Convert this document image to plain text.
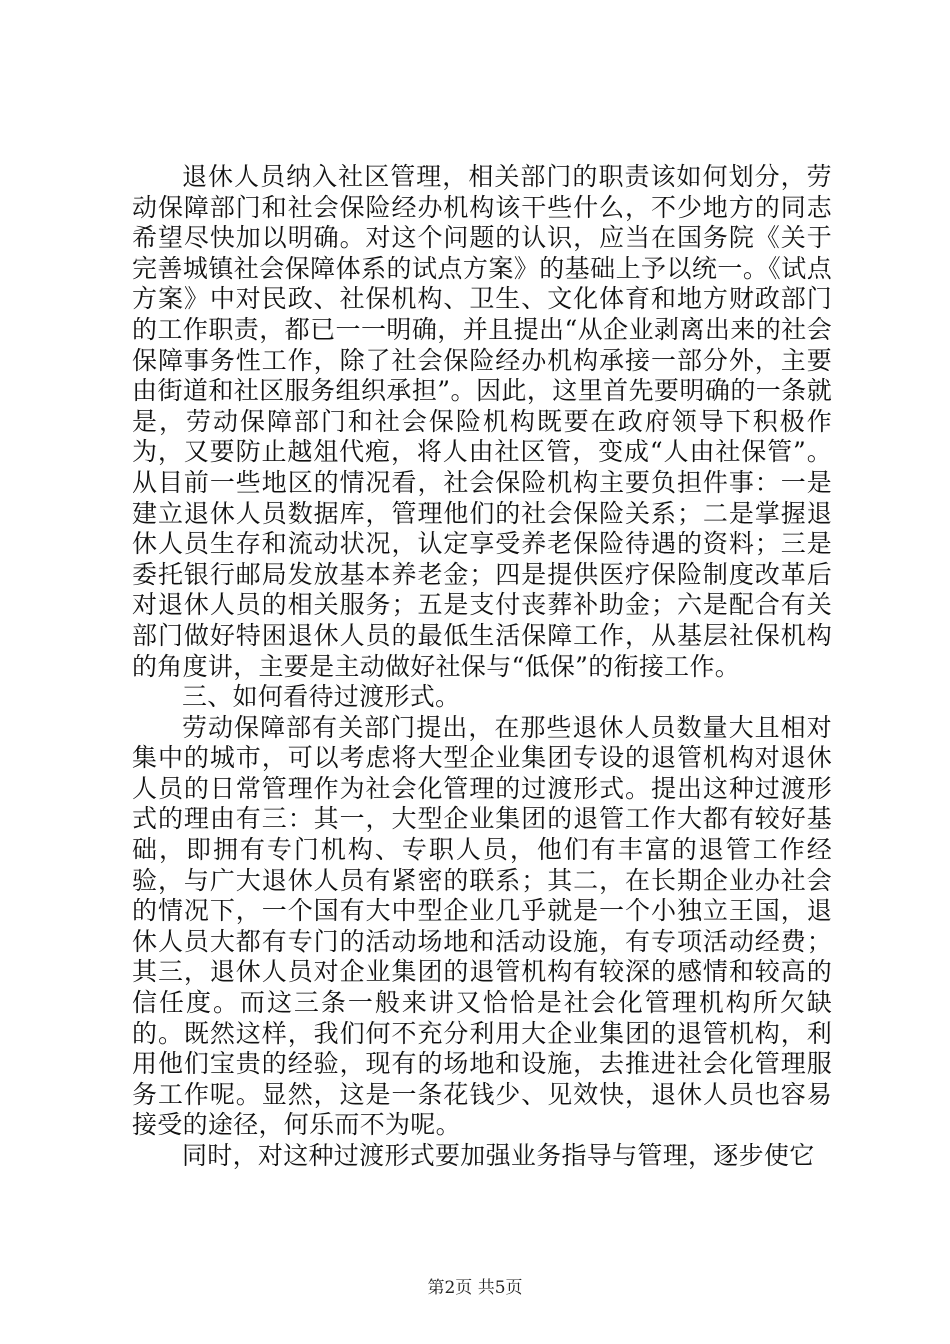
退休人员纳入社区管理，相关部门的职责该如何划分，劳动保障部门和社会保险经办机构该干些什么，不少地方的同志希望尽快加以明确。对这个问题的认识，应当在国务院《关于完善城镇社会保障体系的试点方案》的基础上予以统一。《试点方案》中对民政、社保机构、卫生、文化体育和地方财政部门的工作职责，都已一一明确，并且提出“从企业剥离出来的社会保障事务性工作，除了社会保险经办机构承接一部分外，主要由街道和社区服务组织承担”。因此，这里首先要明确的一条就是，劳动保障部门和社会保险机构既要在政府领导下积极作为，又要防止越俎代疱，将人由社区管，变成“人由社保管”。从目前一些地区的情况看，社会保险机构主要负担件事：一是建立退休人员数据库，管理他们的社会保险关系；二是掌握退休人员生存和流动状况，认定享受养老保险待遇的资料；三是委托银行邮局发放基本养老金；四是提供医疗保险制度改革后对退休人员的相关服务；五是支付丧葬补助金；六是配合有关部门做好特困退休人员的最低生活保障工作，从基层社保机构的角度讲，主要是主动做好社保与“低保”的衔接工作。

三、如何看待过渡形式。

劳动保障部有关部门提出，在那些退休人员数量大且相对集中的城市，可以考虑将大型企业集团专设的退管机构对退休人员的日常管理作为社会化管理的过渡形式。提出这种过渡形式的理由有三：其一，大型企业集团的退管工作大都有较好基础，即拥有专门机构、专职人员，他们有丰富的退管工作经验，与广大退休人员有紧密的联系；其二，在长期企业办社会的情况下，一个国有大中型企业几乎就是一个小独立王国，退休人员大都有专门的活动场地和活动设施，有专项活动经费；其三，退休人员对企业集团的退管机构有较深的感情和较高的信任度。而这三条一般来讲又恰恰是社会化管理机构所欠缺的。既然这样，我们何不充分利用大企业集团的退管机构，利用他们宝贵的经验，现有的场地和设施，去推进社会化管理服务工作呢。显然，这是一条花钱少、见效快，退休人员也容易接受的途径，何乐而不为呢。

同时，对这种过渡形式要加强业务指导与管理，逐步使它

第2页 共5页
